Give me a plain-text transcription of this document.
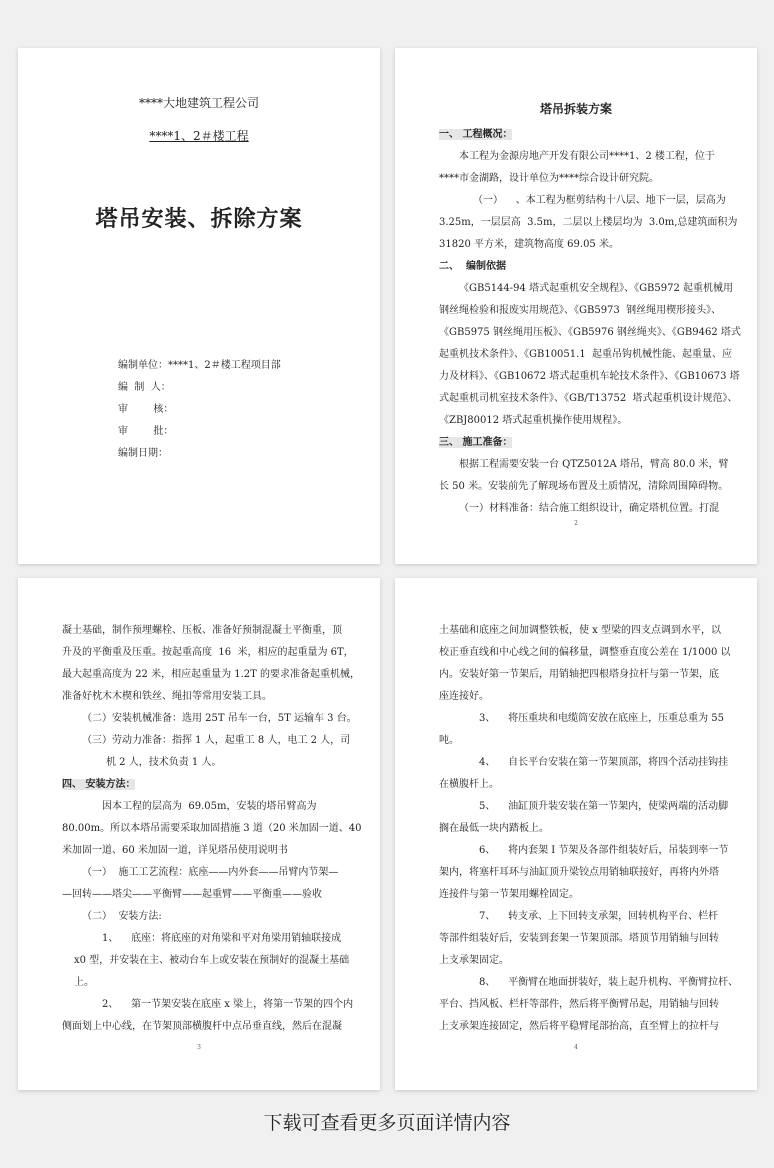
****大地建筑工程公司
****1、2＃楼工程
塔吊安装、拆除方案
编制单位：****1、2＃楼工程项目部
编  制  人：
审        核：
审        批：
编制日期：
塔吊拆装方案
一、 工程概况：
本工程为金源房地产开发有限公司****1、2 楼工程，位于
****市金湖路，设计单位为****综合设计研究院。
（一）    、本工程为框剪结构十八层、地下一层，层高为
3.25m，一层层高  3.5m，二层以上楼层均为  3.0m,总建筑面积为
31820 平方米，建筑物高度 69.05 米。
二、  编制依据
《GB5144-94 塔式起重机安全规程》、《GB5972 起重机械用
钢丝绳检验和报废实用规范》、《GB5973  钢丝绳用楔形接头》、
《GB5975 钢丝绳用压板》、《GB5976 钢丝绳夹》、《GB9462 塔式
起重机技术条件》、《GB10051.1  起重吊钩机械性能、起重量、应
力及材料》、《GB10672 塔式起重机车轮技术条件》、《GB10673 塔
式起重机司机室技术条件》、《GB/T13752  塔式起重机设计规范》、
《ZBJ80012 塔式起重机操作使用规程》。
三、 施工准备：
根据工程需要安装一台 QTZ5012A 塔吊，臂高 80.0 米，臂
长 50 米。安装前先了解现场布置及土质情况，清除周围障碍物。
（一）材料准备：结合施工组织设计，确定塔机位置。打混
2
凝土基础，制作预埋螺栓、压板、准备好预制混凝土平衡重，顶
升及的平衡重及压重。按起重高度  16  米，相应的起重量为 6T，
最大起重高度为 22 米，相应起重量为 1.2T 的要求准备起重机械，
准备好枕木木楔和铁丝、绳扣等常用安装工具。
（二）安装机械准备：选用 25T 吊车一台，5T 运输车 3 台。
（三）劳动力准备：指挥 1 人，起重工 8 人，电工 2 人，司
机 2 人，技术负责 1 人。
四、 安装方法：
因本工程的层高为  69.05m，安装的塔吊臂高为
80.00m。所以本塔吊需要采取加固措施 3 道（20 米加固一道、40
米加固一道、60 米加固一道，详见塔吊使用说明书
（一）  施工工艺流程：底座——内外套——吊臂内节架—
—回转——塔尖——平衡臂——起重臂——平衡重——验收
（二）  安装方法:
1、    底座：将底座的对角梁和平对角梁用销轴联接成
x0 型，并安装在主、被动台车上或安装在预制好的混凝土基础
上。
2、    第一节架安装在底座 x 梁上，将第一节架的四个内
侧面划上中心线，在节架顶部横腹杆中点吊垂直线，然后在混凝
3
土基础和底座之间加调整铁板，使 x 型梁的四支点调到水平，以
校正垂直线和中心线之间的偏移量，调整垂直度公差在 1/1000 以
内。安装好第一节架后，用销轴把四根塔身拉杆与第一节架，底
座连接好。
3、    将压重块和电缆筒安放在底座上，压重总重为 55
吨。
4、    自长平台安装在第一节架顶部，将四个活动挂钩挂
在横腹杆上。
5、    油缸顶升装安装在第一节架内，使梁两端的活动脚
搁在最低一块内踏板上。
6、    将内套架 I 节架及各部件组装好后，吊装到率一节
架内，将塞杆耳环与油缸顶升梁铰点用销轴联接好，再将内外塔
连接件与第一节架用螺栓固定。
7、    转支承、上下回转支承架，回转机构平台、栏杆
等部件组装好后，安装到套架一节架顶部。塔顶节用销轴与回转
上支承架固定。
8、    平衡臂在地面拼装好，装上起升机构、平衡臂拉杆、
平台、挡风板、栏杆等部件，然后将平衡臂吊起，用销轴与回转
上支承架连接固定，然后将平稳臂尾部抬高，直至臂上的拉杆与
4
下载可查看更多页面详情内容
